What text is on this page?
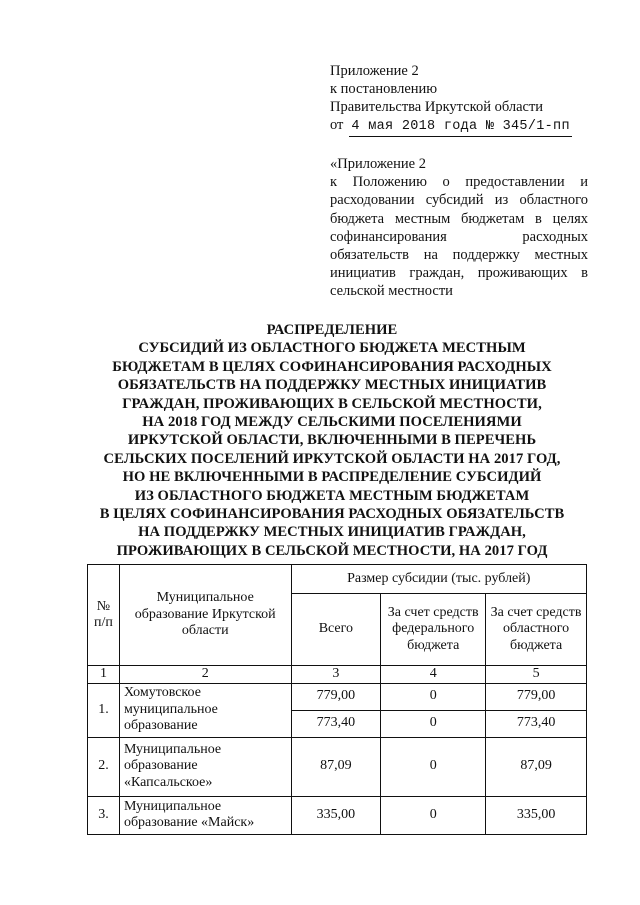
Приложение 2
к постановлению
Правительства Иркутской области
от 4 мая 2018 года № 345/1-пп
«Приложение 2
к Положению о предоставлении и расходовании субсидий из областного бюджета местным бюджетам в целях софинансирования расходных обязательств на поддержку местных инициатив граждан, проживающих в сельской местности
РАСПРЕДЕЛЕНИЕ
СУБСИДИЙ ИЗ ОБЛАСТНОГО БЮДЖЕТА МЕСТНЫМ
БЮДЖЕТАМ В ЦЕЛЯХ СОФИНАНСИРОВАНИЯ РАСХОДНЫХ
ОБЯЗАТЕЛЬСТВ НА ПОДДЕРЖКУ МЕСТНЫХ ИНИЦИАТИВ
ГРАЖДАН, ПРОЖИВАЮЩИХ В СЕЛЬСКОЙ МЕСТНОСТИ,
НА 2018 ГОД МЕЖДУ СЕЛЬСКИМИ ПОСЕЛЕНИЯМИ
ИРКУТСКОЙ ОБЛАСТИ, ВКЛЮЧЕННЫМИ В ПЕРЕЧЕНЬ
СЕЛЬСКИХ ПОСЕЛЕНИЙ ИРКУТСКОЙ ОБЛАСТИ НА 2017 ГОД,
НО НЕ ВКЛЮЧЕННЫМИ В РАСПРЕДЕЛЕНИЕ СУБСИДИЙ
ИЗ ОБЛАСТНОГО БЮДЖЕТА МЕСТНЫМ БЮДЖЕТАМ
В ЦЕЛЯХ СОФИНАНСИРОВАНИЯ РАСХОДНЫХ ОБЯЗАТЕЛЬСТВ
НА ПОДДЕРЖКУ МЕСТНЫХ ИНИЦИАТИВ ГРАЖДАН,
ПРОЖИВАЮЩИХ В СЕЛЬСКОЙ МЕСТНОСТИ, НА 2017 ГОД
№ п/п	Муниципальное образование Иркутской области	Размер субсидии (тыс. рублей)		
		Всего	За счет средств федерального бюджета	За счет средств областного бюджета
1	2	3	4	5
1.	Хомутовское муниципальное образование	779,00	0	779,00
		773,40	0	773,40
2.	Муниципальное образование «Капсальское»	87,09	0	87,09
3.	Муниципальное образование «Майск»	335,00	0	335,00
